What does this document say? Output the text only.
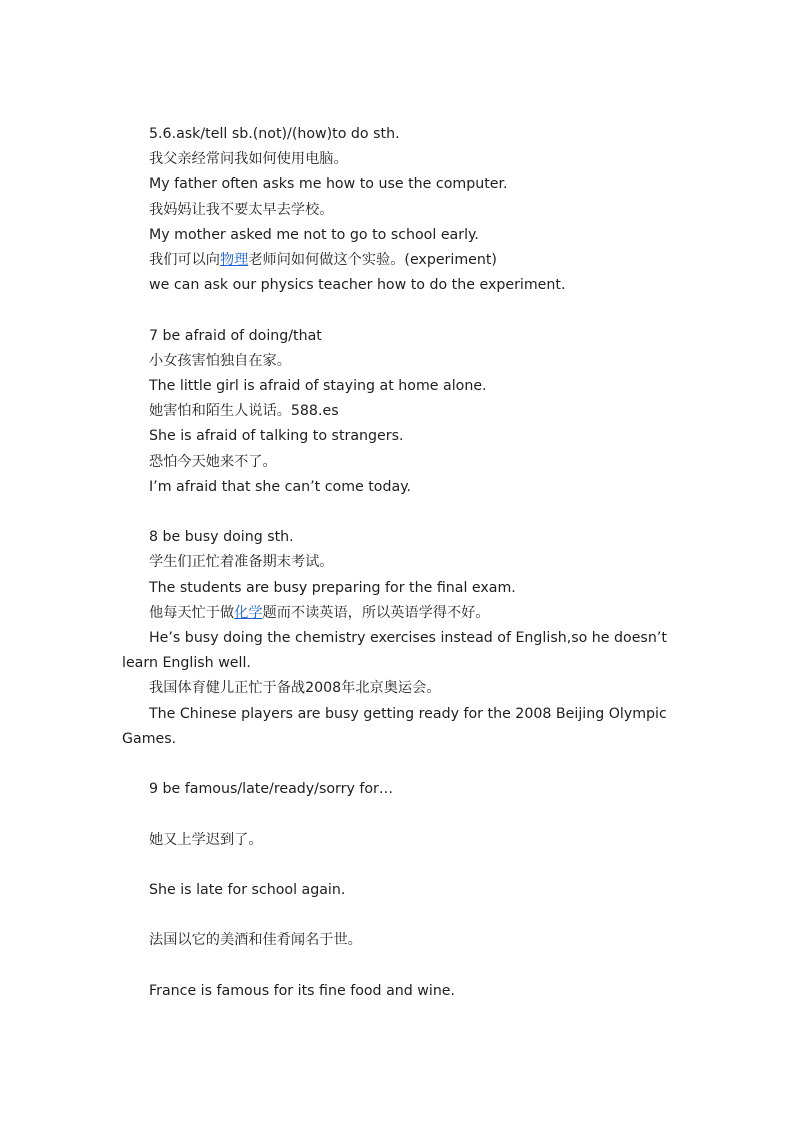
5.6.ask/tell sb.(not)/(how)to do sth.

我父亲经常问我如何使用电脑。

My father often asks me how to use the computer.

我妈妈让我不要太早去学校。

My mother asked me not to go to school early.

我们可以向物理老师问如何做这个实验。(experiment)

we can ask our physics teacher how to do the experiment.

7 be afraid of doing/that

小女孩害怕独自在家。

The little girl is afraid of staying at home alone.

她害怕和陌生人说话。588.es

She is afraid of talking to strangers.

恐怕今天她来不了。

I’m afraid that she can’t come today.

8 be busy doing sth.

学生们正忙着准备期末考试。

The students are busy preparing for the final exam.

他每天忙于做化学题而不读英语，所以英语学得不好。

He’s busy doing the chemistry exercises instead of English,so he doesn’t learn English well.

我国体育健儿正忙于备战2008年北京奥运会。

The Chinese players are busy getting ready for the 2008 Beijing Olympic Games.

9 be famous/late/ready/sorry for…

她又上学迟到了。

She is late for school again.

法国以它的美酒和佳肴闻名于世。

France is famous for its fine food and wine.
